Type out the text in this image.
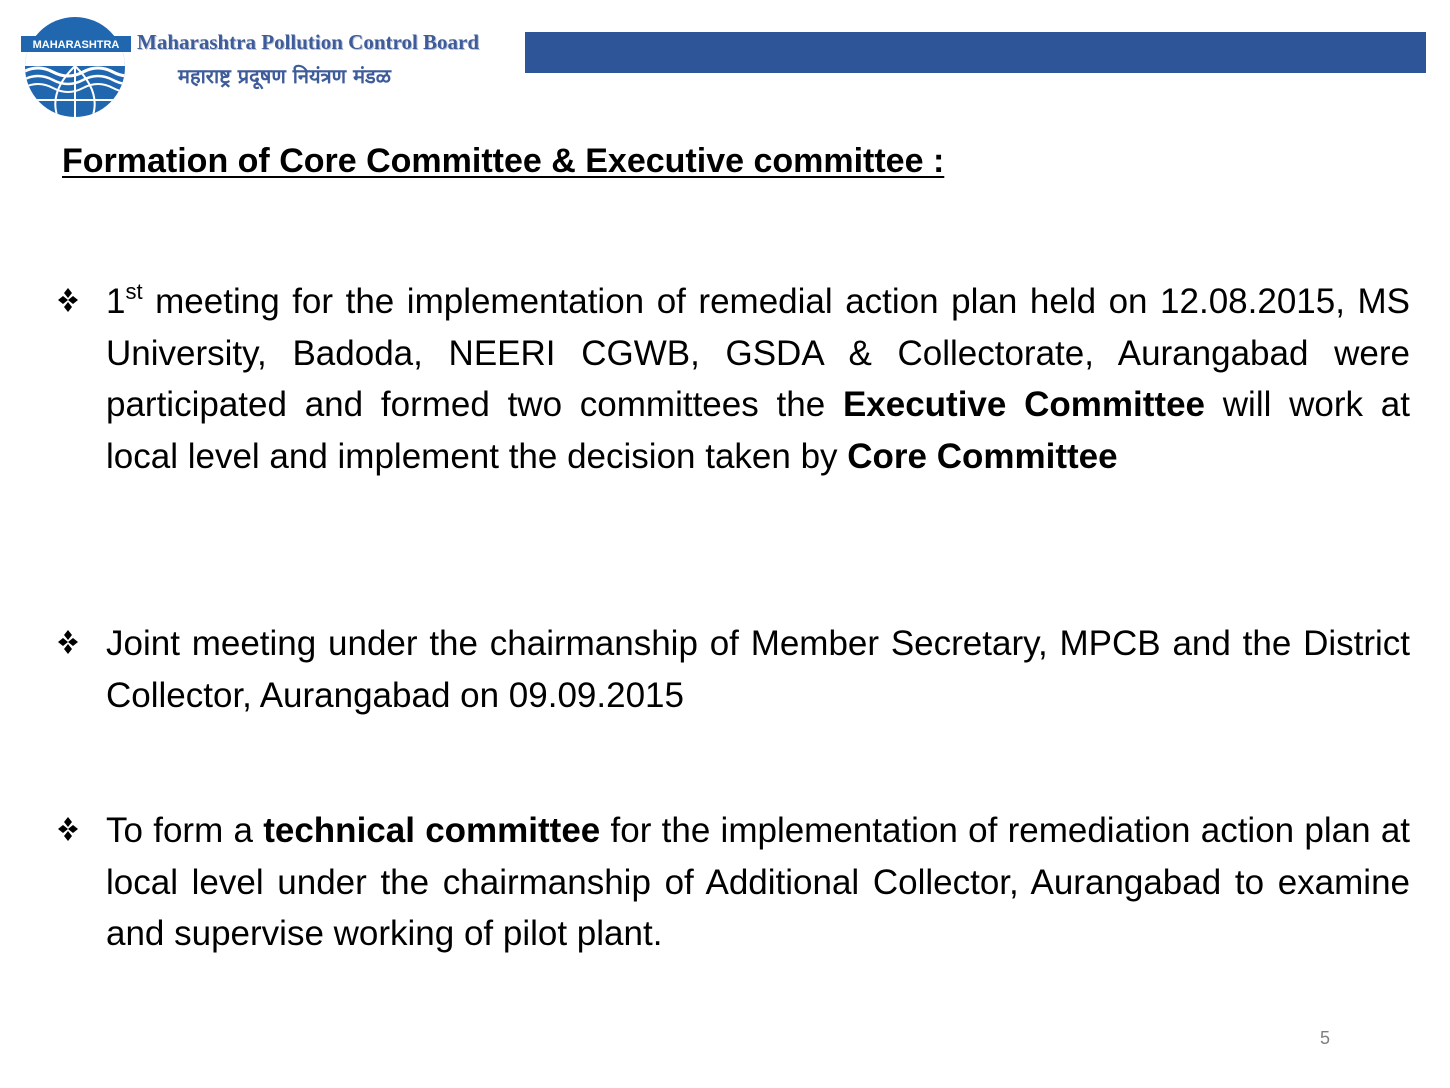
MAHARASHTRA Maharashtra Pollution Control Board
महाराष्ट्र प्रदूषण नियंत्रण मंडळ
Formation of Core Committee & Executive committee :
1st meeting for the implementation of remedial action plan held on 12.08.2015, MS University, Badoda, NEERI CGWB, GSDA & Collectorate, Aurangabad were participated and formed two committees the Executive Committee will work at local level and implement the decision taken by Core Committee
Joint meeting under the chairmanship of Member Secretary, MPCB and the District Collector, Aurangabad on 09.09.2015
To form a technical committee for the implementation of remediation action plan at local level under the chairmanship of Additional Collector, Aurangabad to examine and supervise working of pilot plant.
5
